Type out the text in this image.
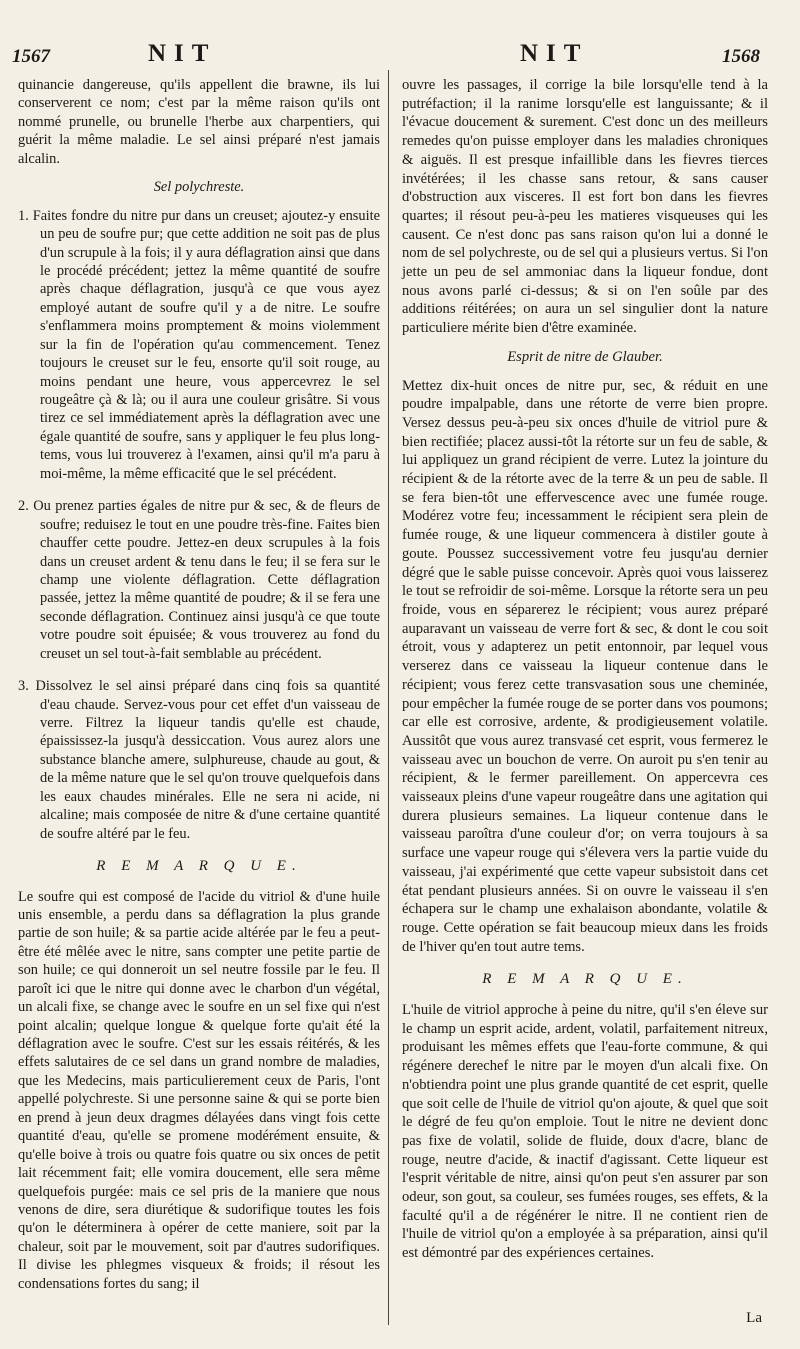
1567	NIT	NIT	1568

quinancie dangereuse, qu'ils appellent die brawne, ils lui conserverent ce nom; c'est par la même raison qu'ils ont nommé prunelle, ou brunelle l'herbe aux charpentiers, qui guérit la même maladie. Le sel ainsi préparé n'est jamais alcalin.

Sel polychreste.
1. Faites fondre du nitre pur dans un creuset; ajoutez-y ensuite un peu de soufre pur; que cette addition ne soit pas de plus d'un scrupule à la fois; il y aura déflagration ainsi que dans le procédé précédent; jettez la même quantité de soufre après chaque déflagration, jusqu'à ce que vous ayez employé autant de soufre qu'il y a de nitre. Le soufre s'enflammera moins promptement & moins violemment sur la fin de l'opération qu'au commencement. Tenez toujours le creuset sur le feu, ensorte qu'il soit rouge, au moins pendant une heure, vous appercevrez le sel rougeâtre çà & là; ou il aura une couleur grisâtre. Si vous tirez ce sel immédiatement après la déflagration avec une égale quantité de soufre, sans y appliquer le feu plus long-tems, vous lui trouverez à l'examen, ainsi qu'il m'a paru à moi-même, la même efficacité que le sel précédent.
2. Ou prenez parties égales de nitre pur & sec, & de fleurs de soufre; reduisez le tout en une poudre très-fine. Faites bien chauffer cette poudre. Jettez-en deux scrupules à la fois dans un creuset ardent & tenu dans le feu; il se fera sur le champ une violente déflagration. Cette déflagration passée, jettez la même quantité de poudre; & il se fera une seconde déflagration. Continuez ainsi jusqu'à ce que toute votre poudre soit épuisée; & vous trouverez au fond du creuset un sel tout-à-fait semblable au précédent.
3. Dissolvez le sel ainsi préparé dans cinq fois sa quantité d'eau chaude. Servez-vous pour cet effet d'un vaisseau de verre. Filtrez la liqueur tandis qu'elle est chaude, épaississez-la jusqu'à dessiccation. Vous aurez alors une substance blanche amere, sulphureuse, chaude au gout, & de la même nature que le sel qu'on trouve quelquefois dans les eaux chaudes minérales. Elle ne sera ni acide, ni alcaline; mais composée de nitre & d'une certaine quantité de soufre altéré par le feu.
R E M A R Q U E.

Le soufre qui est composé de l'acide du vitriol & d'une huile unis ensemble, a perdu dans sa déflagration la plus grande partie de son huile; & sa partie acide altérée par le feu a peut-être été mêlée avec le nitre, sans compter une petite partie de son huile; ce qui donneroit un sel neutre fossile par le feu. Il paroît ici que le nitre qui donne avec le charbon d'un végétal, un alcali fixe, se change avec le soufre en un sel fixe qui n'est point alcalin; quelque longue & quelque forte qu'ait été la déflagration avec le soufre. C'est sur les essais réitérés, & les effets salutaires de ce sel dans un grand nombre de maladies, que les Medecins, mais particulierement ceux de Paris, l'ont appellé polychreste. Si une personne saine & qui se porte bien en prend à jeun deux dragmes délayées dans vingt fois cette quantité d'eau, qu'elle se promene modérément ensuite, & qu'elle boive à trois ou quatre fois quatre ou six onces de petit lait récemment fait; elle vomira doucement, elle sera même quelquefois purgée: mais ce sel pris de la maniere que nous venons de dire, sera diurétique & sudorifique toutes les fois qu'on le déterminera à opérer de cette maniere, soit par la chaleur, soit par le mouvement, soit par d'autres sudorifiques. Il divise les phlegmes visqueux & froids; il résout les condensations fortes du sang; il

ouvre les passages, il corrige la bile lorsqu'elle tend à la putréfaction; il la ranime lorsqu'elle est languissante; & il l'évacue doucement & surement. C'est donc un des meilleurs remedes qu'on puisse employer dans les maladies chroniques & aiguës. Il est presque infaillible dans les fievres tierces invétérées; il les chasse sans retour, & sans causer d'obstruction aux visceres. Il est fort bon dans les fievres quartes; il résout peu-à-peu les matieres visqueuses qui les causent. Ce n'est donc pas sans raison qu'on lui a donné le nom de sel polychreste, ou de sel qui a plusieurs vertus. Si l'on jette un peu de sel ammoniac dans la liqueur fondue, dont nous avons parlé ci-dessus; & si on l'en soûle par des additions réitérées; on aura un sel singulier dont la nature particuliere mérite bien d'être examinée.

Esprit de nitre de Glauber.

Mettez dix-huit onces de nitre pur, sec, & réduit en une poudre impalpable, dans une rétorte de verre bien propre. Versez dessus peu-à-peu six onces d'huile de vitriol pure & bien rectifiée; placez aussi-tôt la rétorte sur un feu de sable, & lui appliquez un grand récipient de verre. Lutez la jointure du récipient & de la rétorte avec de la terre & un peu de sable. Il se fera bien-tôt une effervescence avec une fumée rouge. Modérez votre feu; incessamment le récipient sera plein de fumée rouge, & une liqueur commencera à distiler goute à goute. Poussez successivement votre feu jusqu'au dernier dégré que le sable puisse concevoir. Après quoi vous laisserez le tout se refroidir de soi-même. Lorsque la rétorte sera un peu froide, vous en séparerez le récipient; vous aurez préparé auparavant un vaisseau de verre fort & sec, & dont le cou soit étroit, vous y adapterez un petit entonnoir, par lequel vous verserez dans ce vaisseau la liqueur contenue dans le récipient; vous ferez cette transvasation sous une cheminée, pour empêcher la fumée rouge de se porter dans vos poumons; car elle est corrosive, ardente, & prodigieusement volatile. Aussitôt que vous aurez transvasé cet esprit, vous fermerez le vaisseau avec un bouchon de verre. On auroit pu s'en tenir au récipient, & le fermer pareillement. On appercevra ces vaisseaux pleins d'une vapeur rougeâtre dans une agitation qui durera plusieurs semaines. La liqueur contenue dans le vaisseau paroîtra d'une couleur d'or; on verra toujours à sa surface une vapeur rouge qui s'élevera vers la partie vuide du vaisseau, j'ai expérimenté que cette vapeur subsistoit dans cet état pendant plusieurs années. Si on ouvre le vaisseau il s'en échapera sur le champ une exhalaison abondante, volatile & rouge. Cette opération se fait beaucoup mieux dans les froids de l'hiver qu'en tout autre tems.

R E M A R Q U E.

L'huile de vitriol approche à peine du nitre, qu'il s'en éleve sur le champ un esprit acide, ardent, volatil, parfaitement nitreux, produisant les mêmes effets que l'eau-forte commune, & qui régénere derechef le nitre par le moyen d'un alcali fixe. On n'obtiendra point une plus grande quantité de cet esprit, quelle que soit celle de l'huile de vitriol qu'on ajoute, & quel que soit le dégré de feu qu'on emploie. Tout le nitre ne devient donc pas fixe de volatil, solide de fluide, doux d'acre, blanc de rouge, neutre d'acide, & inactif d'agissant. Cette liqueur est l'esprit véritable de nitre, ainsi qu'on peut s'en assurer par son odeur, son gout, sa couleur, ses fumées rouges, ses effets, & la faculté qu'il a de régénérer le nitre. Il ne contient rien de l'huile de vitriol qu'on a employée à sa préparation, ainsi qu'il est démontré par des expériences certaines.

La
